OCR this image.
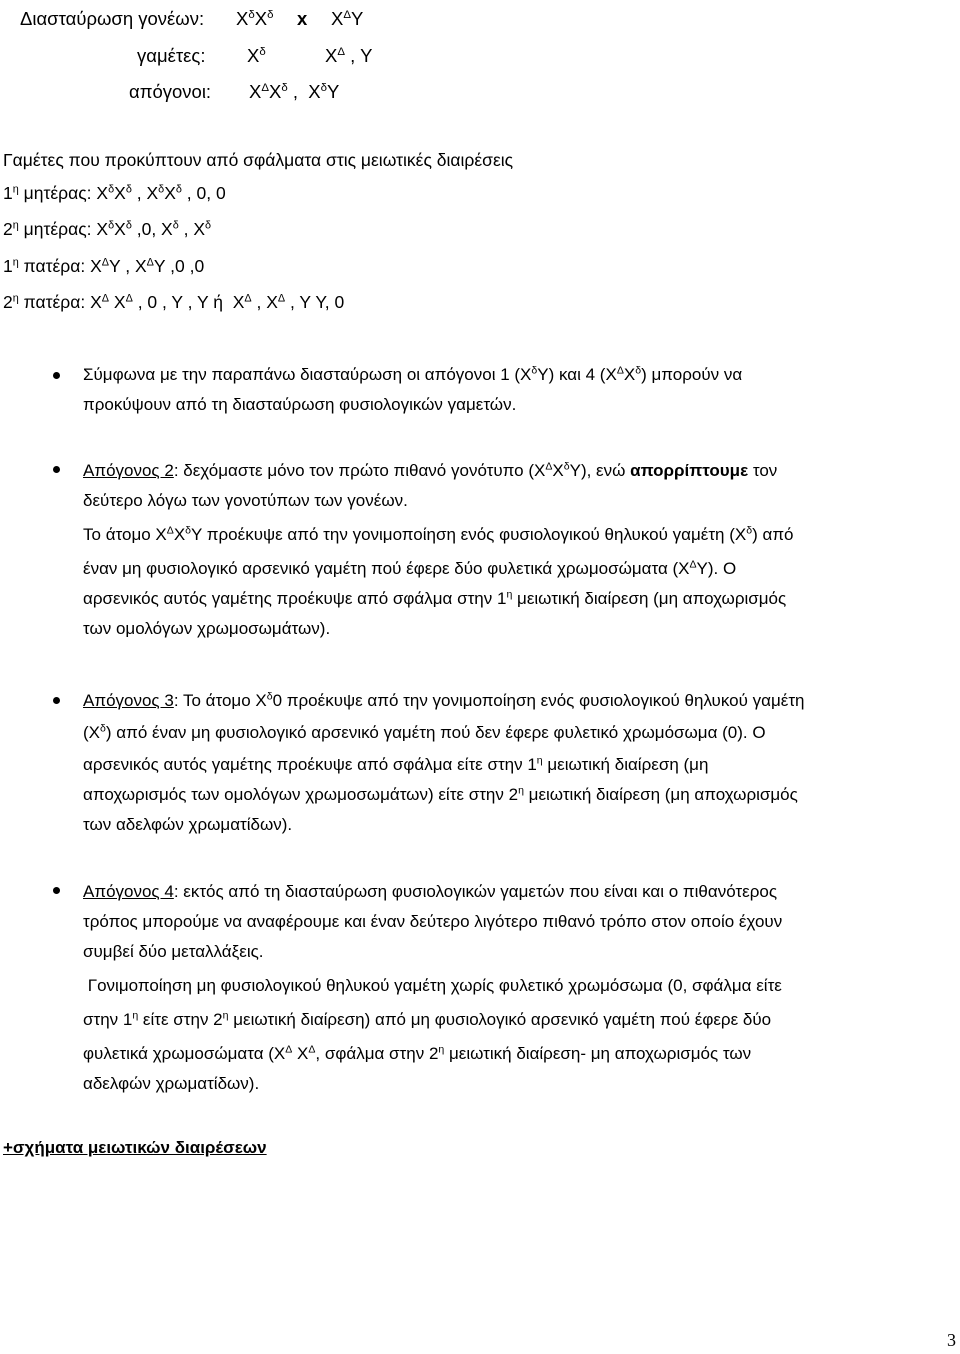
Διασταύρωση γονέων: $X^\delta X^\delta$ x $X^\Delta\Upsilon$
γαμέτες: $X^\delta$	$X^\Delta$ , Υ
απόγονοι: $X^\Delta X^\delta$ ,  $X^\delta\Upsilon$
Γαμέτες που προκύπτουν από σφάλματα στις μειωτικές διαιρέσεις
$1^\eta$ μητέρας: $X^\delta X^\delta$ , $X^\delta X^\delta$ , 0, 0
$2^\eta$ μητέρας: $X^\delta X^\delta$ ,0, $X^\delta$ , $X^\delta$
$1^\eta$ πατέρα: $X^\Delta\Upsilon$ , $X^\Delta\Upsilon$ ,0 ,0
$2^\eta$ πατέρα: $X^\Delta$ $X^\Delta$ , 0 , Υ , Υ ή  $X^\Delta$ , $X^\Delta$ , Υ Υ, 0

Σύμφωνα με την παραπάνω διασταύρωση οι απόγονοι 1 $(X^\delta\Upsilon)$ και 4 $(X^\Delta X^\delta)$ μπορούν να

προκύψουν από τη διασταύρωση φυσιολογικών γαμετών.

Απόγονος 2: δεχόμαστε μόνο τον πρώτο πιθανό γονότυπο $(X^\Delta X^\delta\Upsilon)$, ενώ απορρίπτουμε τον

δεύτερο λόγω των γονοτύπων των γονέων.

Το άτομο $X^\Delta X^\delta\Upsilon$ προέκυψε από την γονιμοποίηση ενός φυσιολογικού θηλυκού γαμέτη $(X^\delta)$ από

έναν μη φυσιολογικό αρσενικό γαμέτη πού έφερε δύο φυλετικά χρωμοσώματα $(X^\Delta\Upsilon)$. Ο

αρσενικός αυτός γαμέτης προέκυψε από σφάλμα στην $1^\eta$ μειωτική διαίρεση (μη αποχωρισμός

των ομολόγων χρωμοσωμάτων).

Απόγονος 3: Το άτομο $X^\delta 0$ προέκυψε από την γονιμοποίηση ενός φυσιολογικού θηλυκού γαμέτη

$(X^\delta)$ από έναν μη φυσιολογικό αρσενικό γαμέτη πού δεν έφερε φυλετικό χρωμόσωμα (0). Ο

αρσενικός αυτός γαμέτης προέκυψε από σφάλμα είτε στην $1^\eta$ μειωτική διαίρεση (μη

αποχωρισμός των ομολόγων χρωμοσωμάτων) είτε στην $2^\eta$ μειωτική διαίρεση (μη αποχωρισμός

των αδελφών χρωματίδων).

Απόγονος 4: εκτός από τη διασταύρωση φυσιολογικών γαμετών που είναι και ο πιθανότερος

τρόπος μπορούμε να αναφέρουμε και έναν δεύτερο λιγότερο πιθανό τρόπο στον οποίο έχουν

συμβεί δύο μεταλλάξεις.

Γονιμοποίηση μη φυσιολογικού θηλυκού γαμέτη χωρίς φυλετικό χρωμόσωμα (0, σφάλμα είτε

στην $1^\eta$ είτε στην $2^\eta$ μειωτική διαίρεση) από μη φυσιολογικό αρσενικό γαμέτη πού έφερε δύο

φυλετικά χρωμοσώματα ($X^\Delta$ $X^\Delta$, σφάλμα στην $2^\eta$ μειωτική διαίρεση- μη αποχωρισμός των

αδελφών χρωματίδων).

+σχήματα μειωτικών διαιρέσεων
3
